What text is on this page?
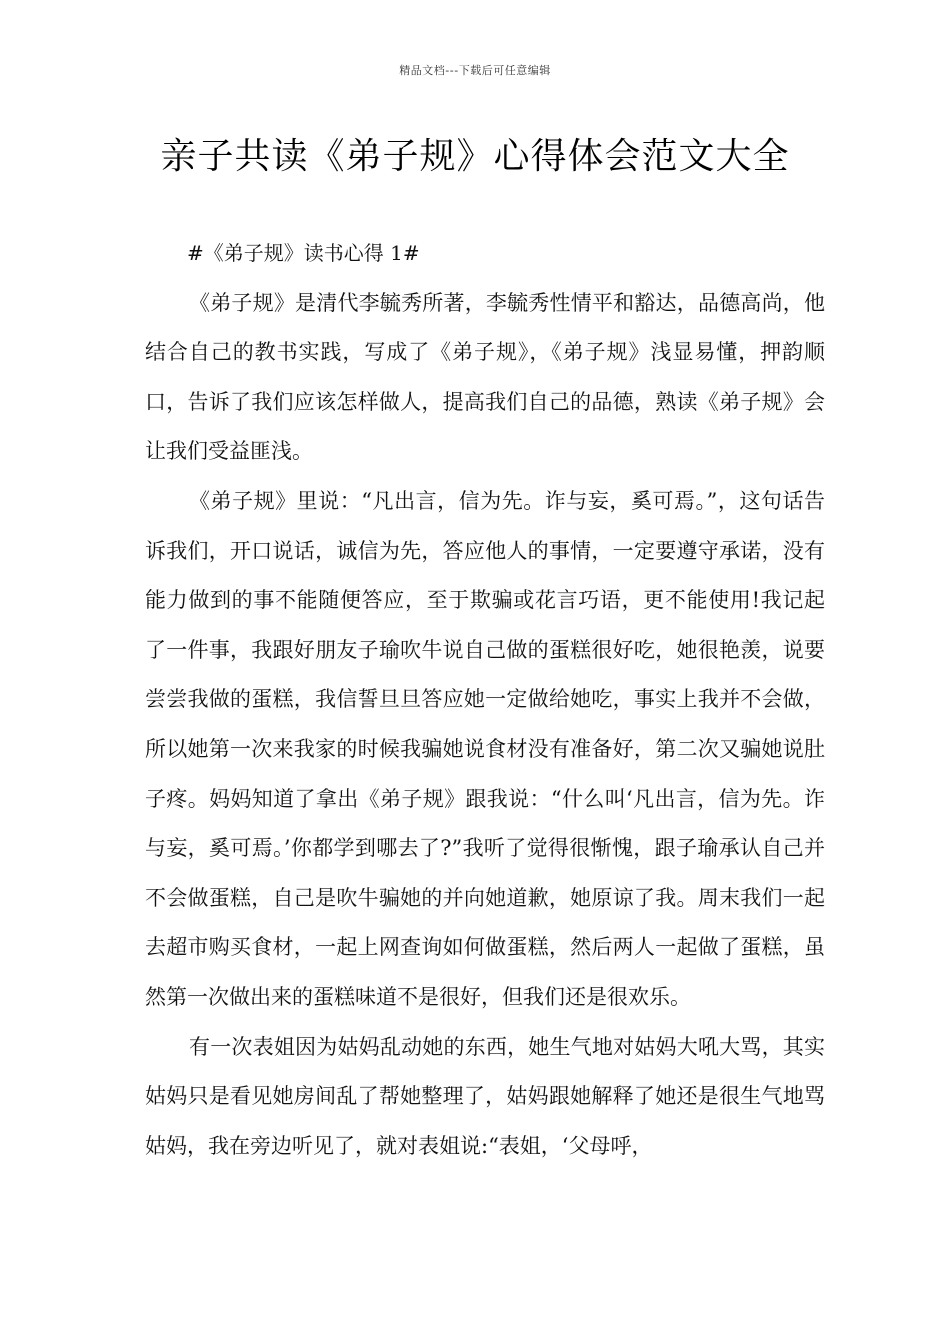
精品文档---下载后可任意编辑
亲子共读《弟子规》心得体会范文大全

#《弟子规》读书心得 1#

《弟子规》是清代李毓秀所著，李毓秀性情平和豁达，品德高尚，他结合自己的教书实践，写成了《弟子规》，《弟子规》浅显易懂，押韵顺口，告诉了我们应该怎样做人，提高我们自己的品德，熟读《弟子规》会让我们受益匪浅。

《弟子规》里说：“凡出言，信为先。诈与妄，奚可焉。”，这句话告诉我们，开口说话，诚信为先，答应他人的事情，一定要遵守承诺，没有能力做到的事不能随便答应，至于欺骗或花言巧语，更不能使用!我记起了一件事，我跟好朋友子瑜吹牛说自己做的蛋糕很好吃，她很艳羡，说要尝尝我做的蛋糕，我信誓旦旦答应她一定做给她吃，事实上我并不会做，所以她第一次来我家的时候我骗她说食材没有准备好，第二次又骗她说肚子疼。妈妈知道了拿出《弟子规》跟我说：“什么叫‘凡出言，信为先。诈与妄，奚可焉。’你都学到哪去了?”我听了觉得很惭愧，跟子瑜承认自己并不会做蛋糕，自己是吹牛骗她的并向她道歉，她原谅了我。周末我们一起去超市购买食材，一起上网查询如何做蛋糕，然后两人一起做了蛋糕，虽然第一次做出来的蛋糕味道不是很好，但我们还是很欢乐。

有一次表姐因为姑妈乱动她的东西，她生气地对姑妈大吼大骂，其实姑妈只是看见她房间乱了帮她整理了，姑妈跟她解释了她还是很生气地骂姑妈，我在旁边听见了，就对表姐说:“表姐，‘父母呼，
